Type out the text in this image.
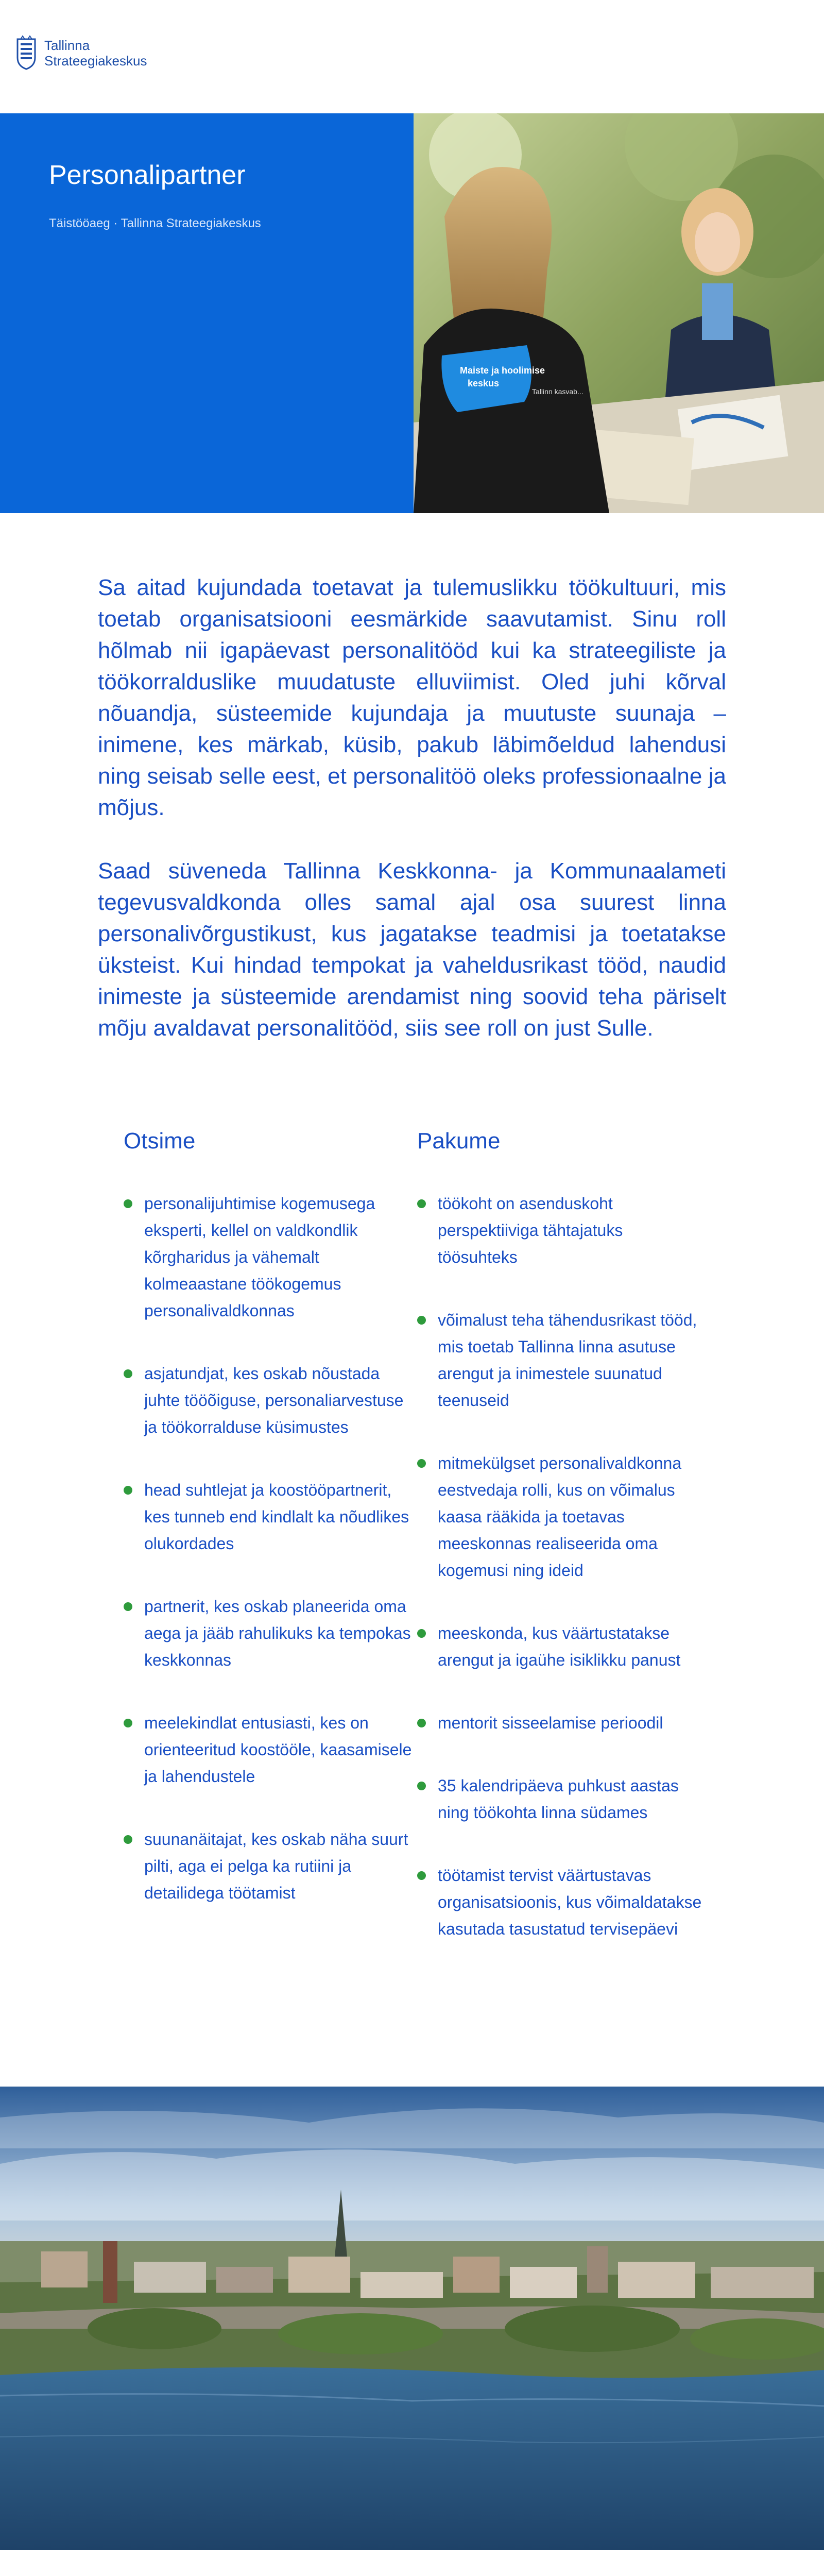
Tallinna
Strateegiakeskus
Personalipartner
Täistööaeg · Tallinna Strateegiakeskus
Maiste ja hoolimise
keskus
Tallinn kasvab...

Sa aitad kujundada toetavat ja tulemuslikku töökultuuri, mis toetab organisatsiooni eesmärkide saavutamist. Sinu roll hõlmab nii igapäevast personalitööd kui ka strateegiliste ja töökorralduslike muudatuste elluviimist. Oled juhi kõrval nõuandja, süsteemide kujundaja ja muutuste suunaja – inimene, kes märkab, küsib, pakub läbimõeldud lahendusi ning seisab selle eest, et personalitöö oleks professionaalne ja mõjus.

Saad süveneda Tallinna Keskkonna- ja Kommunaalameti tegevusvaldkonda olles samal ajal osa suurest linna personalivõrgustikust, kus jagatakse teadmisi ja toetatakse üksteist. Kui hindad tempokat ja vaheldusrikast tööd, naudid inimeste ja süsteemide arendamist ning soovid teha päriselt mõju avaldavat personalitööd, siis see roll on just Sulle.

Otsime
personalijuhtimise kogemusega eksperti, kellel on valdkondlik kõrgharidus ja vähemalt kolmeaastane töökogemus personalivaldkonnas
asjatundjat, kes oskab nõustada juhte tööõiguse, personaliarvestuse ja töökorralduse küsimustes
head suhtlejat ja koostööpartnerit, kes tunneb end kindlalt ka nõudlikes olukordades
partnerit, kes oskab planeerida oma aega ja jääb rahulikuks ka tempokas keskkonnas
meelekindlat entusiasti, kes on orienteeritud koostööle, kaasamisele ja lahendustele
suunanäitajat, kes oskab näha suurt pilti, aga ei pelga ka rutiini ja detailidega töötamist
Pakume
töökoht on asenduskoht perspektiiviga tähtajatuks töösuhteks
võimalust teha tähendusrikast tööd, mis toetab Tallinna linna asutuse arengut ja inimestele suunatud teenuseid
mitmekülgset personalivaldkonna eestvedaja rolli, kus on võimalus kaasa rääkida ja toetavas meeskonnas realiseerida oma kogemusi ning ideid
meeskonda, kus väärtustatakse arengut ja igaühe isiklikku panust
mentorit sisseelamise perioodil
35 kalendripäeva puhkust aastas ning töökohta linna südames
töötamist tervist väärtustavas organisatsioonis, kus võimaldatakse kasutada tasustatud tervisepäevi
